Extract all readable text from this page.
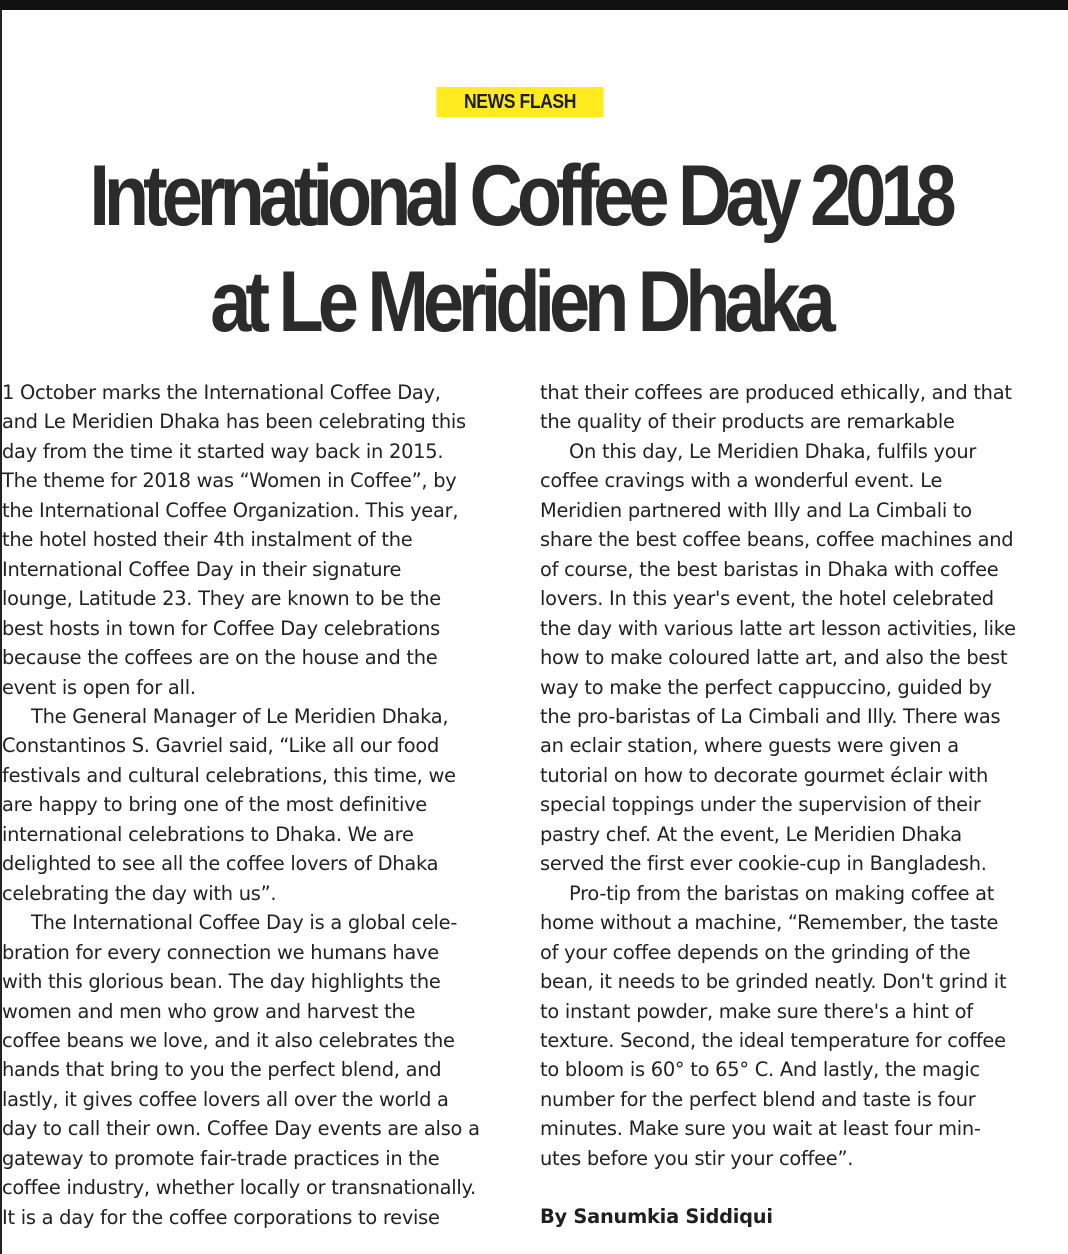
NEWS FLASH
International Coffee Day 2018
at Le Meridien Dhaka

1 October marks the International Coffee Day,

and Le Meridien Dhaka has been celebrating this

day from the time it started way back in 2015.

The theme for 2018 was “Women in Coffee”, by

the International Coffee Organization. This year,

the hotel hosted their 4th instalment of the

International Coffee Day in their signature

lounge, Latitude 23. They are known to be the

best hosts in town for Coffee Day celebrations

because the coffees are on the house and the

event is open for all.

The General Manager of Le Meridien Dhaka,

Constantinos S. Gavriel said, “Like all our food

festivals and cultural celebrations, this time, we

are happy to bring one of the most definitive

international celebrations to Dhaka. We are

delighted to see all the coffee lovers of Dhaka

celebrating the day with us”.

The International Coffee Day is a global cele-

bration for every connection we humans have

with this glorious bean. The day highlights the

women and men who grow and harvest the

coffee beans we love, and it also celebrates the

hands that bring to you the perfect blend, and

lastly, it gives coffee lovers all over the world a

day to call their own. Coffee Day events are also a

gateway to promote fair-trade practices in the

coffee industry, whether locally or transnationally.

It is a day for the coffee corporations to revise

that their coffees are produced ethically, and that

the quality of their products are remarkable

On this day, Le Meridien Dhaka, fulfils your

coffee cravings with a wonderful event. Le

Meridien partnered with Illy and La Cimbali to

share the best coffee beans, coffee machines and

of course, the best baristas in Dhaka with coffee

lovers. In this year's event, the hotel celebrated

the day with various latte art lesson activities, like

how to make coloured latte art, and also the best

way to make the perfect cappuccino, guided by

the pro-baristas of La Cimbali and Illy. There was

an eclair station, where guests were given a

tutorial on how to decorate gourmet éclair with

special toppings under the supervision of their

pastry chef. At the event, Le Meridien Dhaka

served the first ever cookie-cup in Bangladesh.

Pro-tip from the baristas on making coffee at

home without a machine, “Remember, the taste

of your coffee depends on the grinding of the

bean, it needs to be grinded neatly. Don't grind it

to instant powder, make sure there's a hint of

texture. Second, the ideal temperature for coffee

to bloom is 60° to 65° C. And lastly, the magic

number for the perfect blend and taste is four

minutes. Make sure you wait at least four min-

utes before you stir your coffee”.

By Sanumkia Siddiqui
